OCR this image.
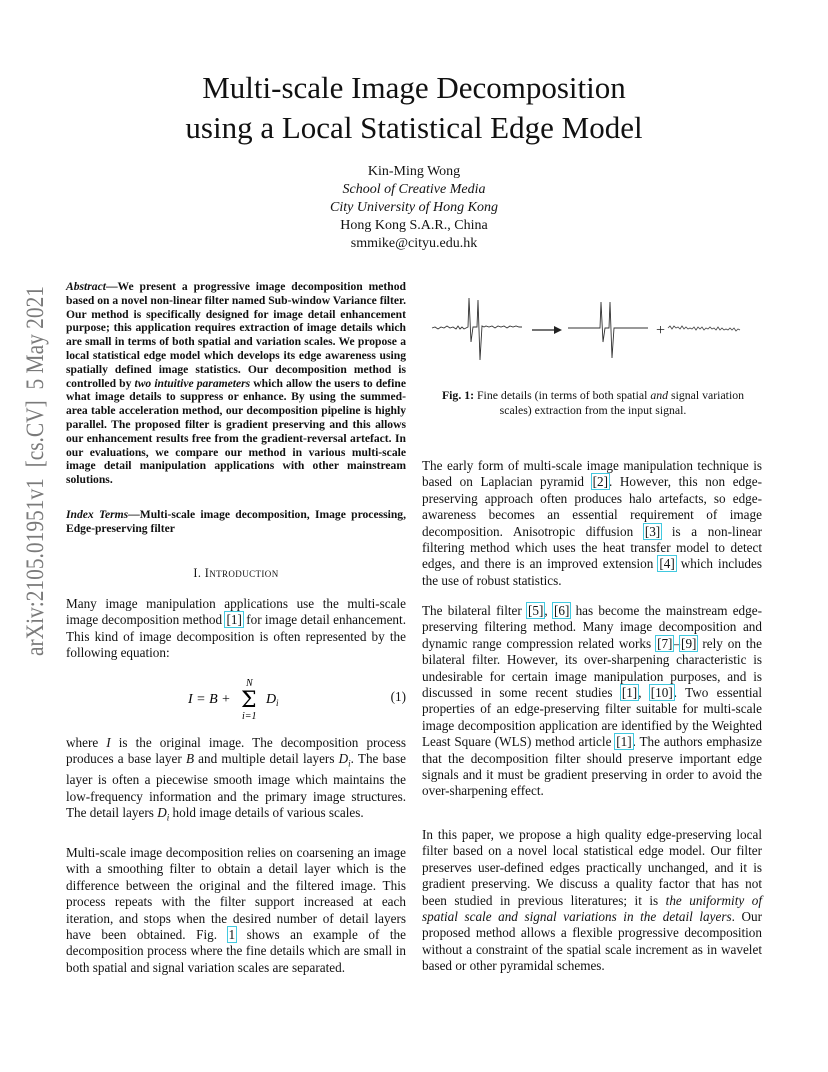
Multi-scale Image Decomposition
using a Local Statistical Edge Model
Kin-Ming Wong
School of Creative Media
City University of Hong Kong
Hong Kong S.A.R., China
smmike@cityu.edu.hk
arXiv:2105.01951v1  [cs.CV]  5 May 2021 Abstract—We present a progressive image decomposition method based on a novel non-linear filter named Sub-window Variance filter. Our method is specifically designed for image detail enhancement purpose; this application requires extraction of image details which are small in terms of both spatial and variation scales. We propose a local statistical edge model which develops its edge awareness using spatially defined image statistics. Our decomposition method is controlled by two intuitive parameters which allow the users to define what image details to suppress or enhance. By using the summed-area table acceleration method, our decomposition pipeline is highly parallel. The proposed filter is gradient preserving and this allows our enhancement results free from the gradient-reversal artefact. In our evaluations, we compare our method in various multi-scale image detail manipulation applications with other mainstream solutions.
Index Terms—Multi-scale image decomposition, Image processing, Edge-preserving filter
I. Introduction
Many image manipulation applications use the multi-scale image decomposition method [1] for image detail enhancement. This kind of image decomposition is often represented by the following equation:
I = B +
N
Σ
i=1
D i	(1)
where I is the original image. The decomposition process produces a base layer B and multiple detail layers $D_i$. The base layer is often a piecewise smooth image which maintains the low-frequency information and the primary image structures. The detail layers $D_i$ hold image details of various scales.
Multi-scale image decomposition relies on coarsening an image with a smoothing filter to obtain a detail layer which is the difference between the original and the filtered image. This process repeats with the filter support increased at each iteration, and stops when the desired number of detail layers have been obtained. Fig. 1 shows an example of the decomposition process where the fine details which are small in both spatial and signal variation scales are separated.
+
Fig. 1: Fine details (in terms of both spatial and signal variation scales) extraction from the input signal.
The early form of multi-scale image manipulation technique is based on Laplacian pyramid [2]. However, this non edge-preserving approach often produces halo artefacts, so edge-awareness becomes an essential requirement of image decomposition. Anisotropic diffusion [3] is a non-linear filtering method which uses the heat transfer model to detect edges, and there is an improved extension [4] which includes the use of robust statistics.
The bilateral filter [5], [6] has become the mainstream edge-preserving filtering method. Many image decomposition and dynamic range compression related works [7]–[9] rely on the bilateral filter. However, its over-sharpening characteristic is undesirable for certain image manipulation purposes, and is discussed in some recent studies [1], [10]. Two essential properties of an edge-preserving filter suitable for multi-scale image decomposition application are identified by the Weighted Least Square (WLS) method article [1]. The authors emphasize that the decomposition filter should preserve important edge signals and it must be gradient preserving in order to avoid the over-sharpening effect.
In this paper, we propose a high quality edge-preserving local filter based on a novel local statistical edge model. Our filter preserves user-defined edges practically unchanged, and it is gradient preserving. We discuss a quality factor that has not been studied in previous literatures; it is the uniformity of spatial scale and signal variations in the detail layers. Our proposed method allows a flexible progressive decomposition without a constraint of the spatial scale increment as in wavelet based or other pyramidal schemes.
